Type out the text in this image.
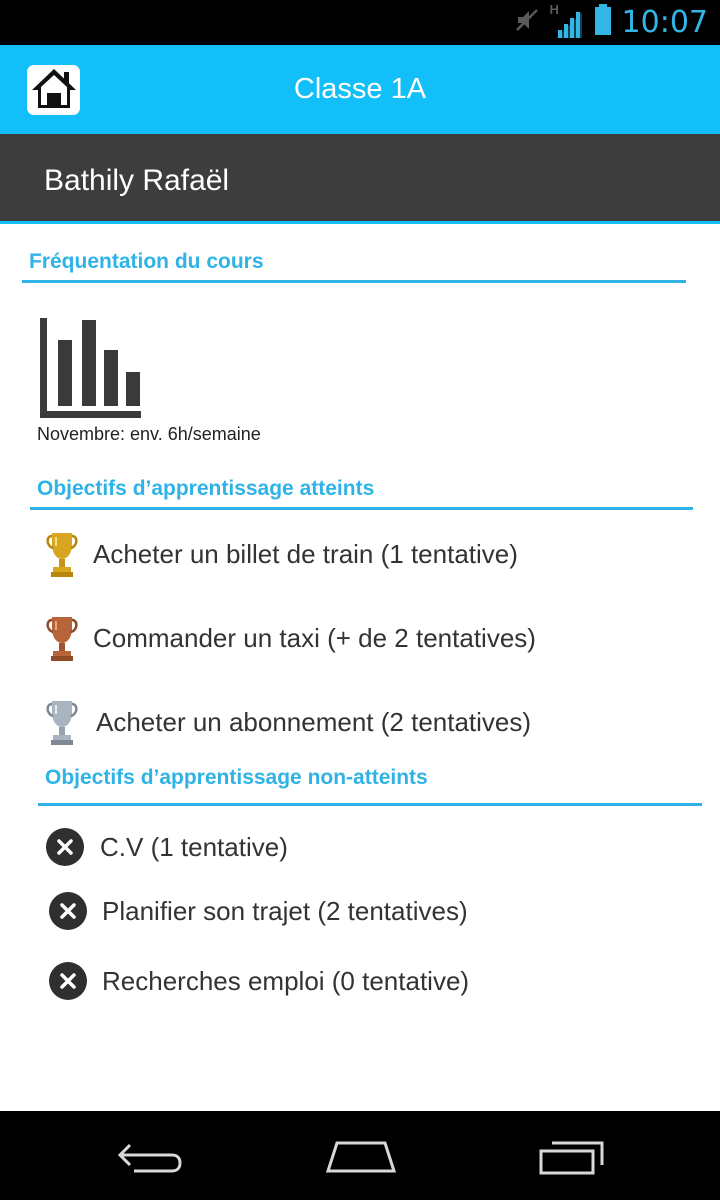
H 10:07
Classe 1A
Bathily Rafaël
Fréquentation du cours
Novembre: env. 6h/semaine
Objectifs d’apprentissage atteints
Acheter un billet de train (1 tentative)
Commander un taxi (+ de 2 tentatives)
Acheter un abonnement (2 tentatives)
Objectifs d’apprentissage non-atteints
C.V (1 tentative)
Planifier son trajet (2 tentatives)
Recherches emploi (0 tentative)
